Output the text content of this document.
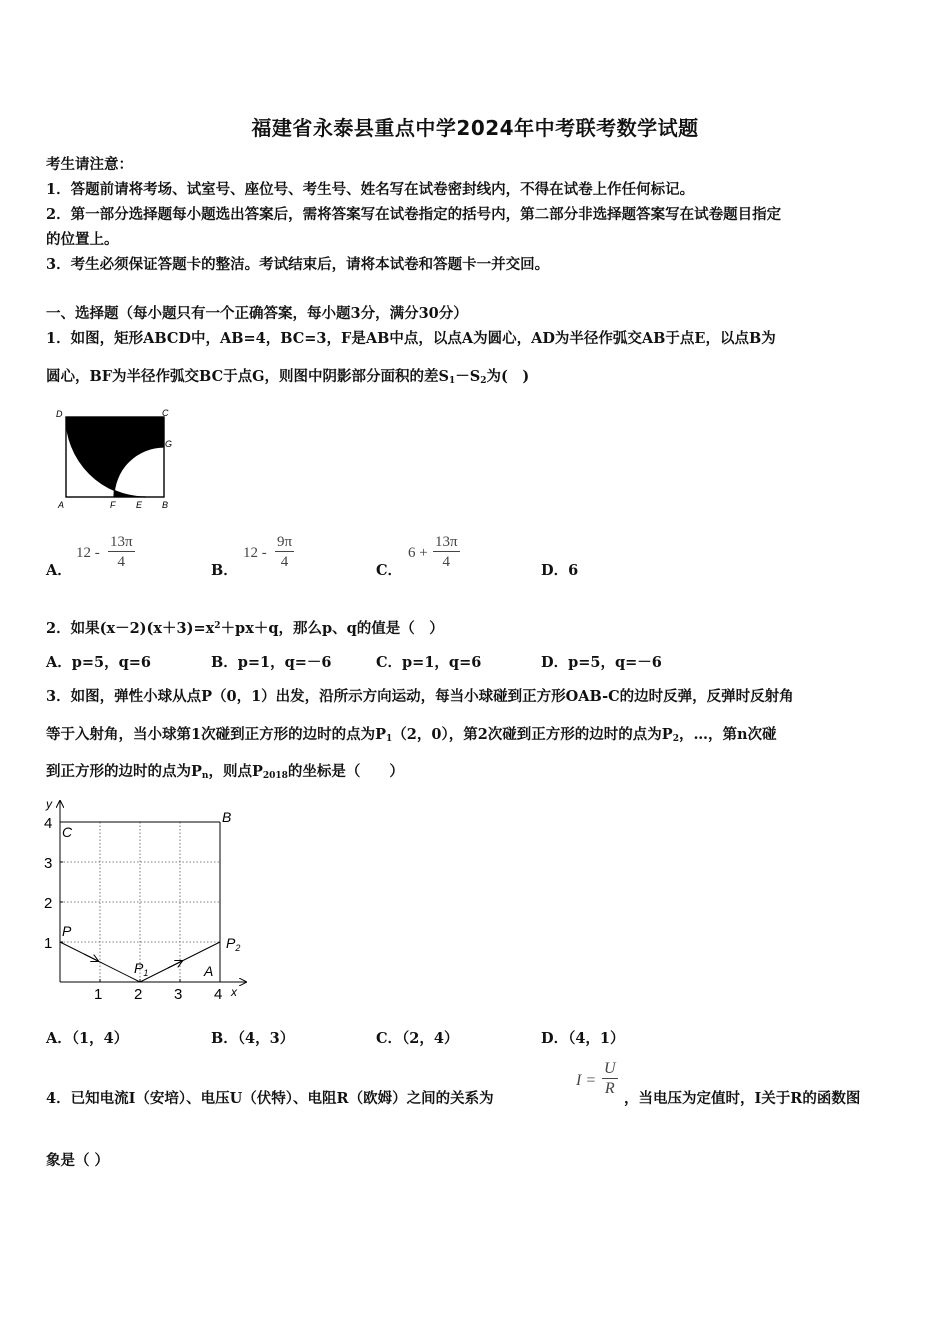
福建省永泰县重点中学2024年中考联考数学试题
考生请注意：
1．答题前请将考场、试室号、座位号、考生号、姓名写在试卷密封线内，不得在试卷上作任何标记。
2．第一部分选择题每小题选出答案后，需将答案写在试卷指定的括号内，第二部分非选择题答案写在试卷题目指定
的位置上。
3．考生必须保证答题卡的整洁。考试结束后，请将本试卷和答题卡一并交回。
一、选择题（每小题只有一个正确答案，每小题3分，满分30分）
1．如图，矩形ABCD中，AB=4，BC=3，F是AB中点，以点A为圆心，AD为半径作弧交AB于点E，以点B为
圆心，BF为半径作弧交BC于点G，则图中阴影部分面积的差$S_1-S_2$为(　)
D	C
G
A	F E B
A．
$12 - \frac{13\pi}{4}$	B．
$12 - \frac{9\pi}{4}$	C．
$6 + \frac{13\pi}{4}$	D．6
2．如果$(x-2)(x+3)=x^2+px+q$，那么p、q的值是（　）
A．p=5，q=6	B．p=1，q=－6	C．p=1，q=6	D．p=5，q=－6
3．如图，弹性小球从点P（0，1）出发，沿所示方向运动，每当小球碰到正方形OAB-C的边时反弹，反弹时反射角
等于入射角，当小球第1次碰到正方形的边时的点为$P_1(2$，0），第2次碰到正方形的边时的点为$P_2$，…，第n次碰
到正方形的边时的点为$P_n$，则点$P_{2018}$的坐标是（　　）
y
x
1
2
3
4
1 2 3 4
C
B
P
$P_1$
$P_2$
A
A．（1，4）	B．（4，3）	C．（2，4）	D．（4，1）
4．已知电流I（安培）、电压U（伏特）、电阻R（欧姆）之间的关系为
$I = \frac{U}{R}$ ，当电压为定值时，I关于R的函数图
象是（ ）
